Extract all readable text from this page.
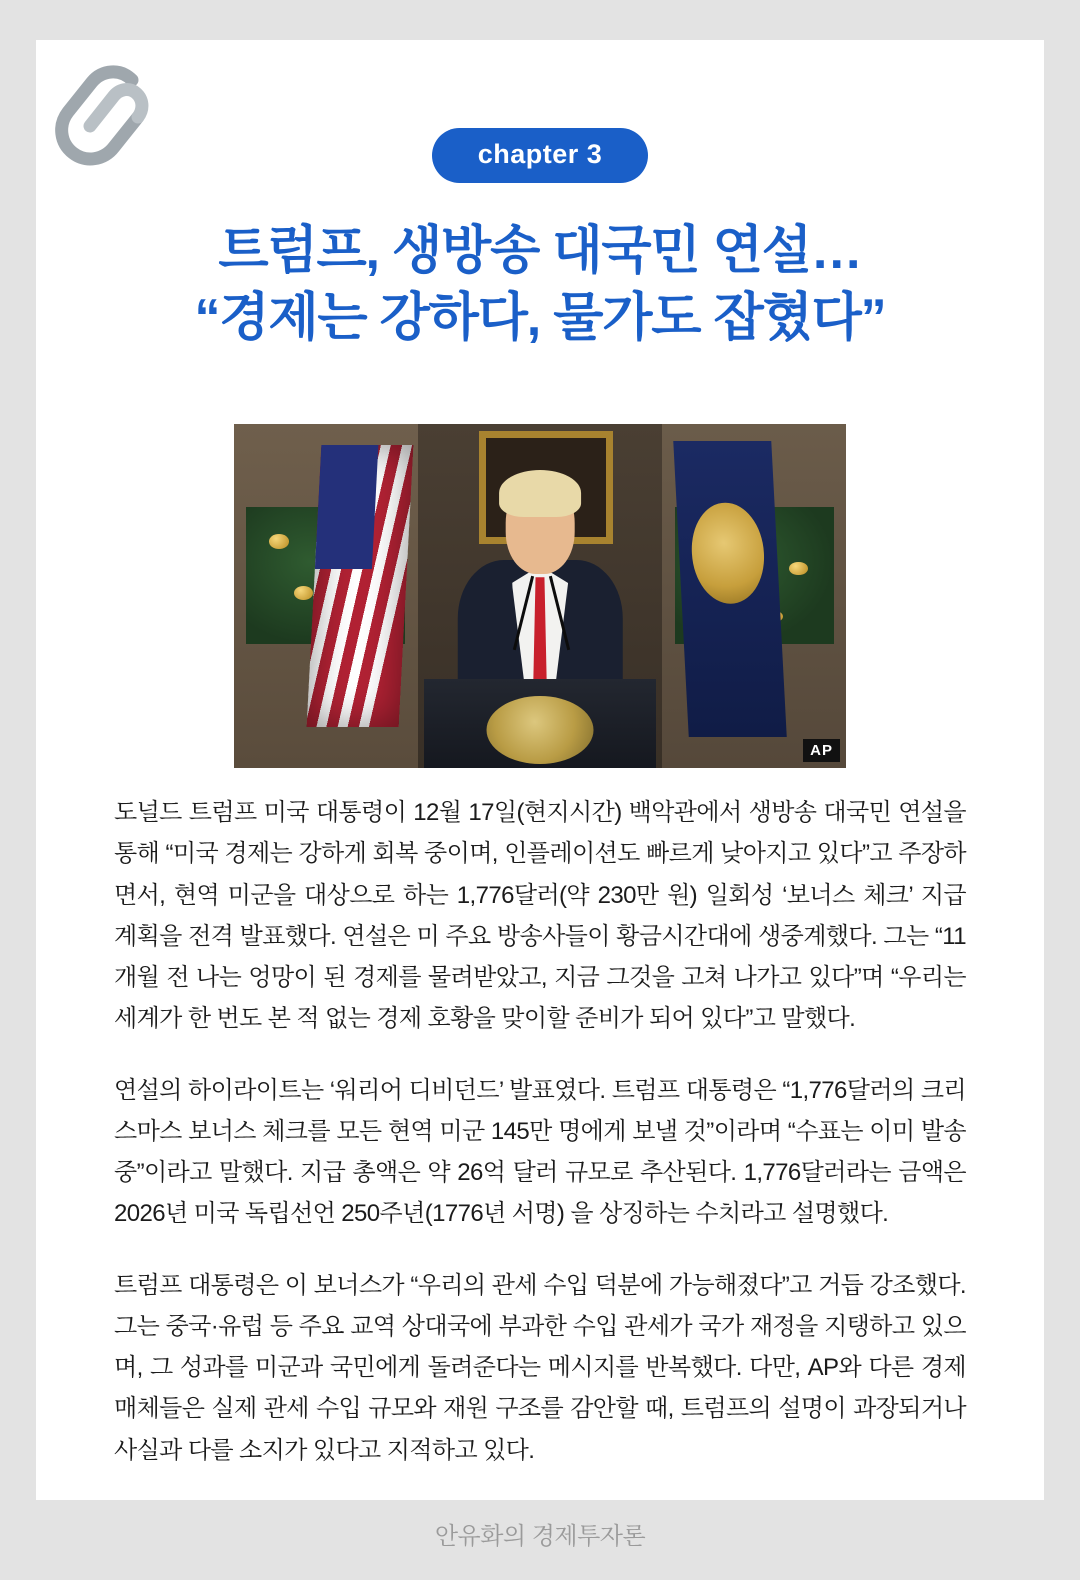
chapter 3
트럼프, 생방송 대국민 연설…
“경제는 강하다, 물가도 잡혔다”
AP

도널드 트럼프 미국 대통령이 12월 17일(현지시간) 백악관에서 생방송 대국민 연설을 통해 “미국 경제는 강하게 회복 중이며, 인플레이션도 빠르게 낮아지고 있다”고 주장하면서, 현역 미군을 대상으로 하는 1,776달러(약 230만 원) 일회성 ‘보너스 체크’ 지급 계획을 전격 발표했다. 연설은 미 주요 방송사들이 황금시간대에 생중계했다. 그는 “11개월 전 나는 엉망이 된 경제를 물려받았고, 지금 그것을 고쳐 나가고 있다”며 “우리는 세계가 한 번도 본 적 없는 경제 호황을 맞이할 준비가 되어 있다”고 말했다.

연설의 하이라이트는 ‘워리어 디비던드’ 발표였다. 트럼프 대통령은 “1,776달러의 크리스마스 보너스 체크를 모든 현역 미군 145만 명에게 보낼 것”이라며 “수표는 이미 발송 중”이라고 말했다. 지급 총액은 약 26억 달러 규모로 추산된다. 1,776달러라는 금액은 2026년 미국 독립선언 250주년(1776년 서명) 을 상징하는 수치라고 설명했다.

트럼프 대통령은 이 보너스가 “우리의 관세 수입 덕분에 가능해졌다”고 거듭 강조했다. 그는 중국·유럽 등 주요 교역 상대국에 부과한 수입 관세가 국가 재정을 지탱하고 있으며, 그 성과를 미군과 국민에게 돌려준다는 메시지를 반복했다. 다만, AP와 다른 경제 매체들은 실제 관세 수입 규모와 재원 구조를 감안할 때, 트럼프의 설명이 과장되거나 사실과 다를 소지가 있다고 지적하고 있다.

안유화의 경제투자론
